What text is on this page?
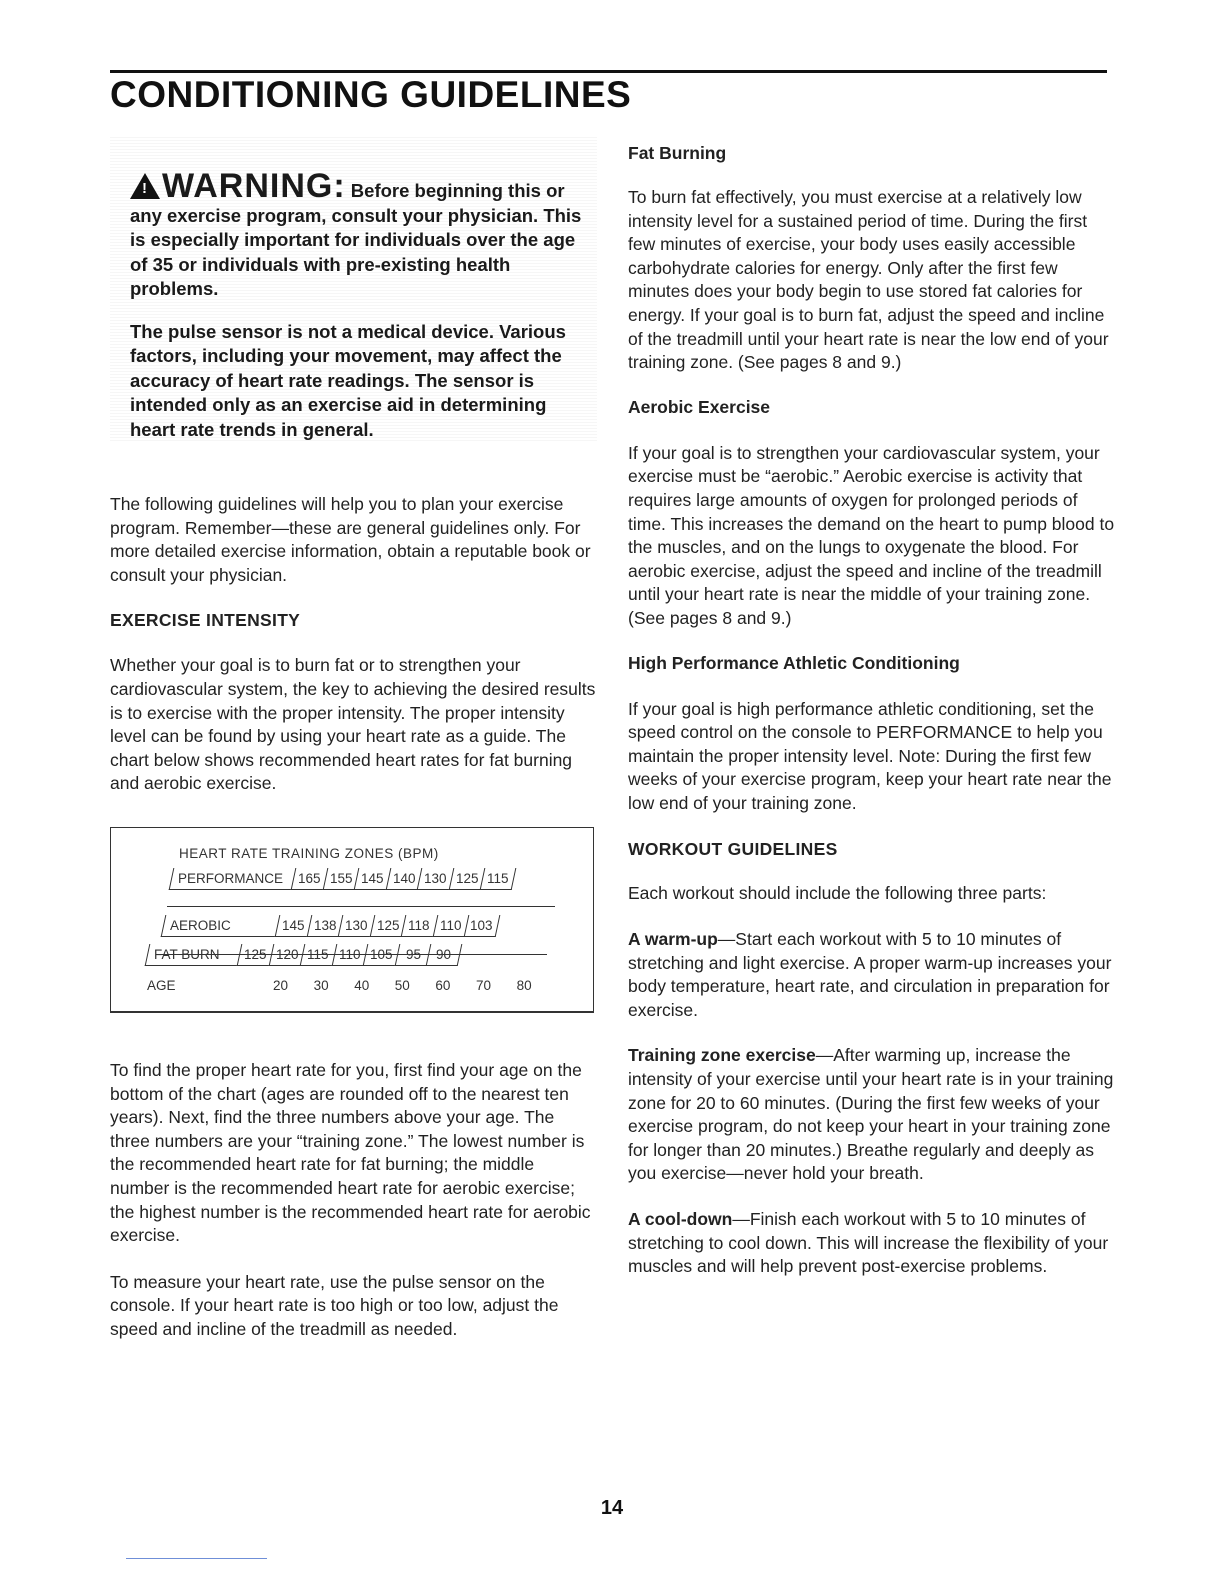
CONDITIONING GUIDELINES

! WARNING: Before beginning this or any exercise program, consult your physician. This is especially important for individuals over the age of 35 or individuals with pre-existing health problems.

The pulse sensor is not a medical device. Various factors, including your movement, may affect the accuracy of heart rate readings. The sensor is intended only as an exercise aid in determining heart rate trends in general.

The following guidelines will help you to plan your exercise program. Remember—these are general guidelines only. For more detailed exercise information, obtain a reputable book or consult your physician.

EXERCISE INTENSITY

Whether your goal is to burn fat or to strengthen your cardiovascular system, the key to achieving the desired results is to exercise with the proper intensity. The proper intensity level can be found by using your heart rate as a guide. The chart below shows recommended heart rates for fat burning and aerobic exercise.

HEART RATE TRAINING ZONES (BPM)
PERFORMANCE	165 155 145 140 130 125 115
AEROBIC	145 138 130 125 118 110 103
FAT BURN	125 120 115 110 105 95	90
AGE	20 30 40 50 60 70 80

To find the proper heart rate for you, first find your age on the bottom of the chart (ages are rounded off to the nearest ten years). Next, find the three numbers above your age. The three numbers are your “training zone.” The lowest number is the recommended heart rate for fat burning; the middle number is the recommended heart rate for aerobic exercise; the highest number is the recommended heart rate for aerobic exercise.

To measure your heart rate, use the pulse sensor on the console. If your heart rate is too high or too low, adjust the speed and incline of the treadmill as needed.

Fat Burning

To burn fat effectively, you must exercise at a relatively low intensity level for a sustained period of time. During the first few minutes of exercise, your body uses easily accessible carbohydrate calories for energy. Only after the first few minutes does your body begin to use stored fat calories for energy. If your goal is to burn fat, adjust the speed and incline of the treadmill until your heart rate is near the low end of your training zone. (See pages 8 and 9.)

Aerobic Exercise

If your goal is to strengthen your cardiovascular system, your exercise must be “aerobic.” Aerobic exercise is activity that requires large amounts of oxygen for prolonged periods of time. This increases the demand on the heart to pump blood to the muscles, and on the lungs to oxygenate the blood. For aerobic exercise, adjust the speed and incline of the treadmill until your heart rate is near the middle of your training zone. (See pages 8 and 9.)

High Performance Athletic Conditioning

If your goal is high performance athletic conditioning, set the speed control on the console to PERFORMANCE to help you maintain the proper intensity level. Note: During the first few weeks of your exercise program, keep your heart rate near the low end of your training zone.

WORKOUT GUIDELINES

Each workout should include the following three parts:

A warm-up—Start each workout with 5 to 10 minutes of stretching and light exercise. A proper warm-up increases your body temperature, heart rate, and circulation in preparation for exercise.

Training zone exercise—After warming up, increase the intensity of your exercise until your heart rate is in your training zone for 20 to 60 minutes. (During the first few weeks of your exercise program, do not keep your heart in your training zone for longer than 20 minutes.) Breathe regularly and deeply as you exercise—never hold your breath.

A cool-down—Finish each workout with 5 to 10 minutes of stretching to cool down. This will increase the flexibility of your muscles and will help prevent post-exercise problems.

14
